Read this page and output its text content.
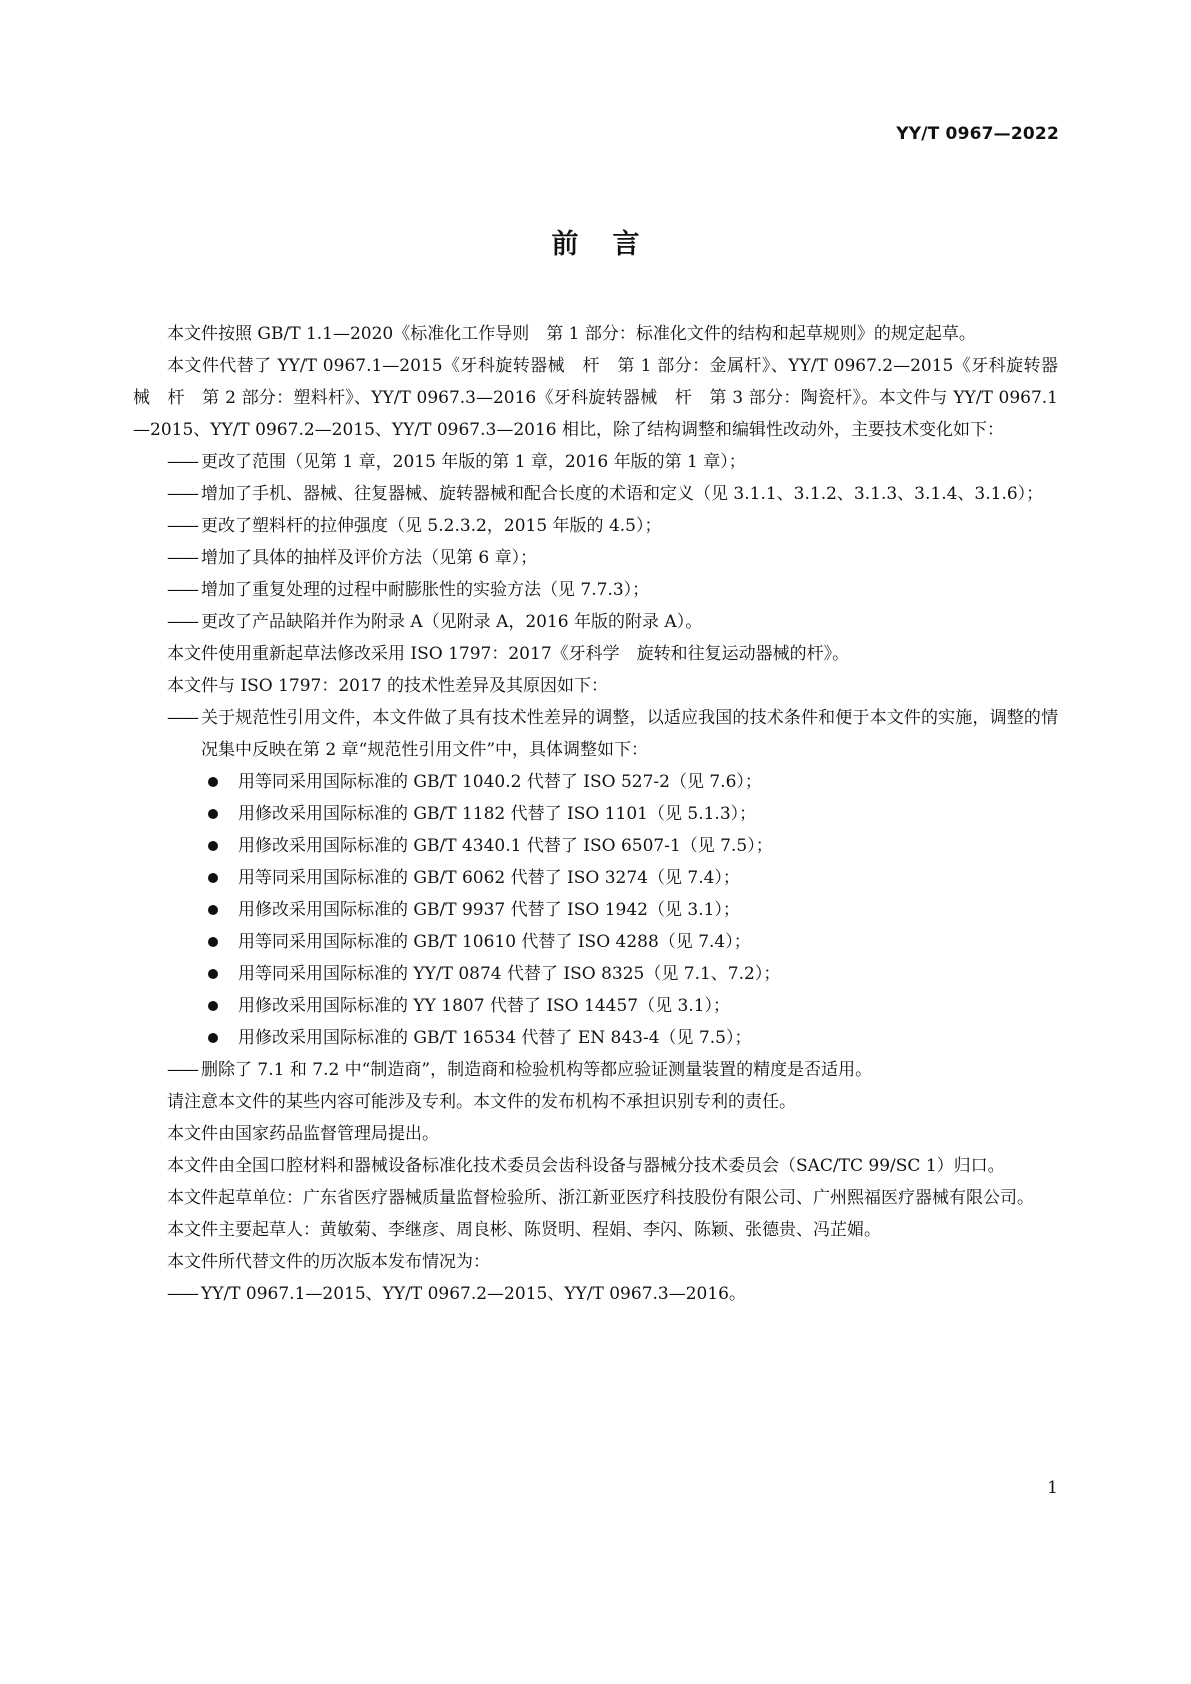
YY/T 0967—2022
前言

本文件按照 GB/T 1.1—2020《标准化工作导则　第 1 部分：标准化文件的结构和起草规则》的规定起草。

本文件代替了 YY/T 0967.1—2015《牙科旋转器械　杆　第 1 部分：金属杆》、YY/T 0967.2—2015《牙科旋转器械　杆　第 2 部分：塑料杆》、YY/T 0967.3—2016《牙科旋转器械　杆　第 3 部分：陶瓷杆》。本文件与 YY/T 0967.1—2015、YY/T 0967.2—2015、YY/T 0967.3—2016 相比，除了结构调整和编辑性改动外，主要技术变化如下：

—— 更改了范围（见第 1 章，2015 年版的第 1 章，2016 年版的第 1 章）；

—— 增加了手机、器械、往复器械、旋转器械和配合长度的术语和定义（见 3.1.1、3.1.2、3.1.3、3.1.4、3.1.6）；

—— 更改了塑料杆的拉伸强度（见 5.2.3.2，2015 年版的 4.5）；

—— 增加了具体的抽样及评价方法（见第 6 章）；

—— 增加了重复处理的过程中耐膨胀性的实验方法（见 7.7.3）；

—— 更改了产品缺陷并作为附录 A（见附录 A，2016 年版的附录 A）。

本文件使用重新起草法修改采用 ISO 1797：2017《牙科学　旋转和往复运动器械的杆》。

本文件与 ISO 1797：2017 的技术性差异及其原因如下：

—— 关于规范性引用文件，本文件做了具有技术性差异的调整，以适应我国的技术条件和便于本文件的实施，调整的情况集中反映在第 2 章“规范性引用文件”中，具体调整如下：

用等同采用国际标准的 GB/T 1040.2 代替了 ISO 527-2（见 7.6）；

用修改采用国际标准的 GB/T 1182 代替了 ISO 1101（见 5.1.3）；

用修改采用国际标准的 GB/T 4340.1 代替了 ISO 6507-1（见 7.5）；

用等同采用国际标准的 GB/T 6062 代替了 ISO 3274（见 7.4）；

用修改采用国际标准的 GB/T 9937 代替了 ISO 1942（见 3.1）；

用等同采用国际标准的 GB/T 10610 代替了 ISO 4288（见 7.4）；

用等同采用国际标准的 YY/T 0874 代替了 ISO 8325（见 7.1、7.2）；

用修改采用国际标准的 YY 1807 代替了 ISO 14457（见 3.1）；

用修改采用国际标准的 GB/T 16534 代替了 EN 843-4（见 7.5）；

—— 删除了 7.1 和 7.2 中“制造商”，制造商和检验机构等都应验证测量装置的精度是否适用。

请注意本文件的某些内容可能涉及专利。本文件的发布机构不承担识别专利的责任。

本文件由国家药品监督管理局提出。

本文件由全国口腔材料和器械设备标准化技术委员会齿科设备与器械分技术委员会（SAC/TC 99/SC 1）归口。

本文件起草单位：广东省医疗器械质量监督检验所、浙江新亚医疗科技股份有限公司、广州熙福医疗器械有限公司。

本文件主要起草人：黄敏菊、李继彦、周良彬、陈贤明、程娟、李闪、陈颖、张德贵、冯芷媚。

本文件所代替文件的历次版本发布情况为：

—— YY/T 0967.1—2015、YY/T 0967.2—2015、YY/T 0967.3—2016。

1
